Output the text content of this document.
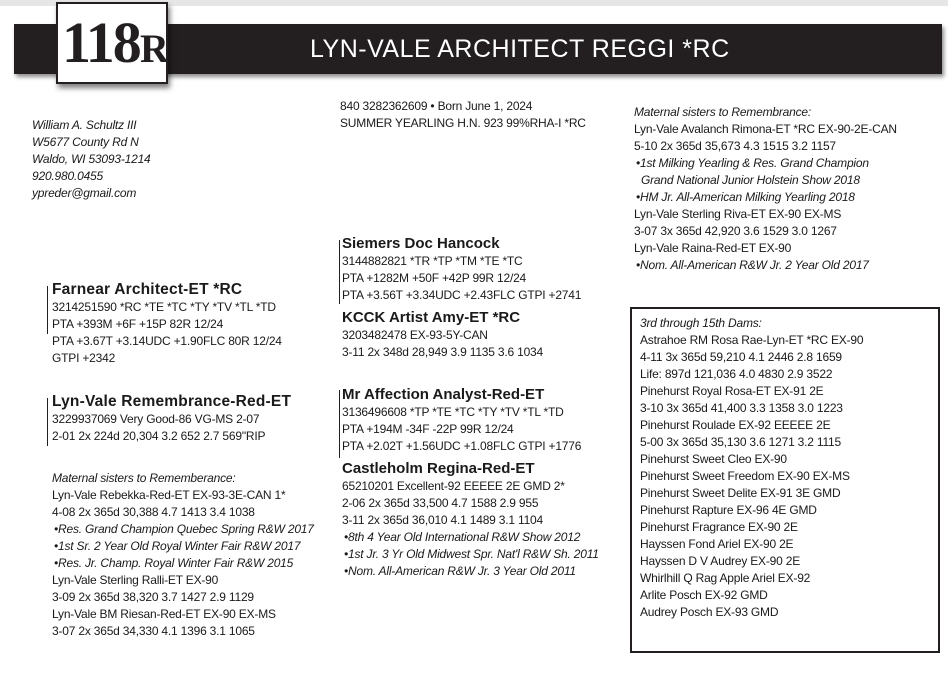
LYN-VALE ARCHITECT REGGI *RC
118 R
William A. Schultz III
W5677 County Rd N
Waldo, WI 53093-1214
920.980.0455
ypreder@gmail.com
840 3282362609 • Born June 1, 2024
SUMMER YEARLING H.N. 923 99%RHA-I *RC
Farnear Architect-ET *RC
3214251590 *RC *TE *TC *TY *TV *TL *TD
PTA +393M +6F +15P 82R 12/24
PTA +3.67T +3.14UDC +1.90FLC 80R 12/24
GTPI +2342
Lyn-Vale Remembrance-Red-ET
3229937069 Very Good-86 VG-MS 2-07
2-01 2x 224d 20,304 3.2 652 2.7 569"RIP
Maternal sisters to Rememberance:
Lyn-Vale Rebekka-Red-ET EX-93-3E-CAN 1*
4-08 2x 365d 30,388 4.7 1413 3.4 1038
•Res. Grand Champion Quebec Spring R&W 2017
•1st Sr. 2 Year Old Royal Winter Fair R&W 2017
•Res. Jr. Champ. Royal Winter Fair R&W 2015
Lyn-Vale Sterling Ralli-ET EX-90
3-09 2x 365d 38,320 3.7 1427 2.9 1129
Lyn-Vale BM Riesan-Red-ET EX-90 EX-MS
3-07 2x 365d 34,330 4.1 1396 3.1 1065
Siemers Doc Hancock
3144882821 *TR *TP *TM *TE *TC
PTA +1282M +50F +42P 99R 12/24
PTA +3.56T +3.34UDC +2.43FLC GTPI +2741
KCCK Artist Amy-ET *RC
3203482478 EX-93-5Y-CAN
3-11 2x 348d 28,949 3.9 1135 3.6 1034
Mr Affection Analyst-Red-ET
3136496608 *TP *TE *TC *TY *TV *TL *TD
PTA +194M -34F -22P 99R 12/24
PTA +2.02T +1.56UDC +1.08FLC GTPI +1776
Castleholm Regina-Red-ET
65210201 Excellent-92 EEEEE 2E GMD 2*
2-06 2x 365d 33,500 4.7 1588 2.9 955
3-11 2x 365d 36,010 4.1 1489 3.1 1104
•8th 4 Year Old International R&W Show 2012
•1st Jr. 3 Yr Old Midwest Spr. Nat'l R&W Sh. 2011
•Nom. All-American R&W Jr. 3 Year Old 2011
Maternal sisters to Remembrance:
Lyn-Vale Avalanch Rimona-ET *RC EX-90-2E-CAN
5-10 2x 365d 35,673 4.3 1515 3.2 1157
•1st Milking Yearling & Res. Grand Champion
Grand National Junior Holstein Show 2018
•HM Jr. All-American Milking Yearling 2018
Lyn-Vale Sterling Riva-ET EX-90 EX-MS
3-07 3x 365d 42,920 3.6 1529 3.0 1267
Lyn-Vale Raina-Red-ET EX-90
•Nom. All-American R&W Jr. 2 Year Old 2017
3rd through 15th Dams:
Astrahoe RM Rosa Rae-Lyn-ET *RC EX-90
4-11 3x 365d 59,210 4.1 2446 2.8 1659
Life: 897d 121,036 4.0 4830 2.9 3522
Pinehurst Royal Rosa-ET EX-91 2E
3-10 3x 365d 41,400 3.3 1358 3.0 1223
Pinehurst Roulade EX-92 EEEEE 2E
5-00 3x 365d 35,130 3.6 1271 3.2 1115
Pinehurst Sweet Cleo EX-90
Pinehurst Sweet Freedom EX-90 EX-MS
Pinehurst Sweet Delite EX-91 3E GMD
Pinehurst Rapture EX-96 4E GMD
Pinehurst Fragrance EX-90 2E
Hayssen Fond Ariel EX-90 2E
Hayssen D V Audrey EX-90 2E
Whirlhill Q Rag Apple Ariel EX-92
Arlite Posch EX-92 GMD
Audrey Posch EX-93 GMD
